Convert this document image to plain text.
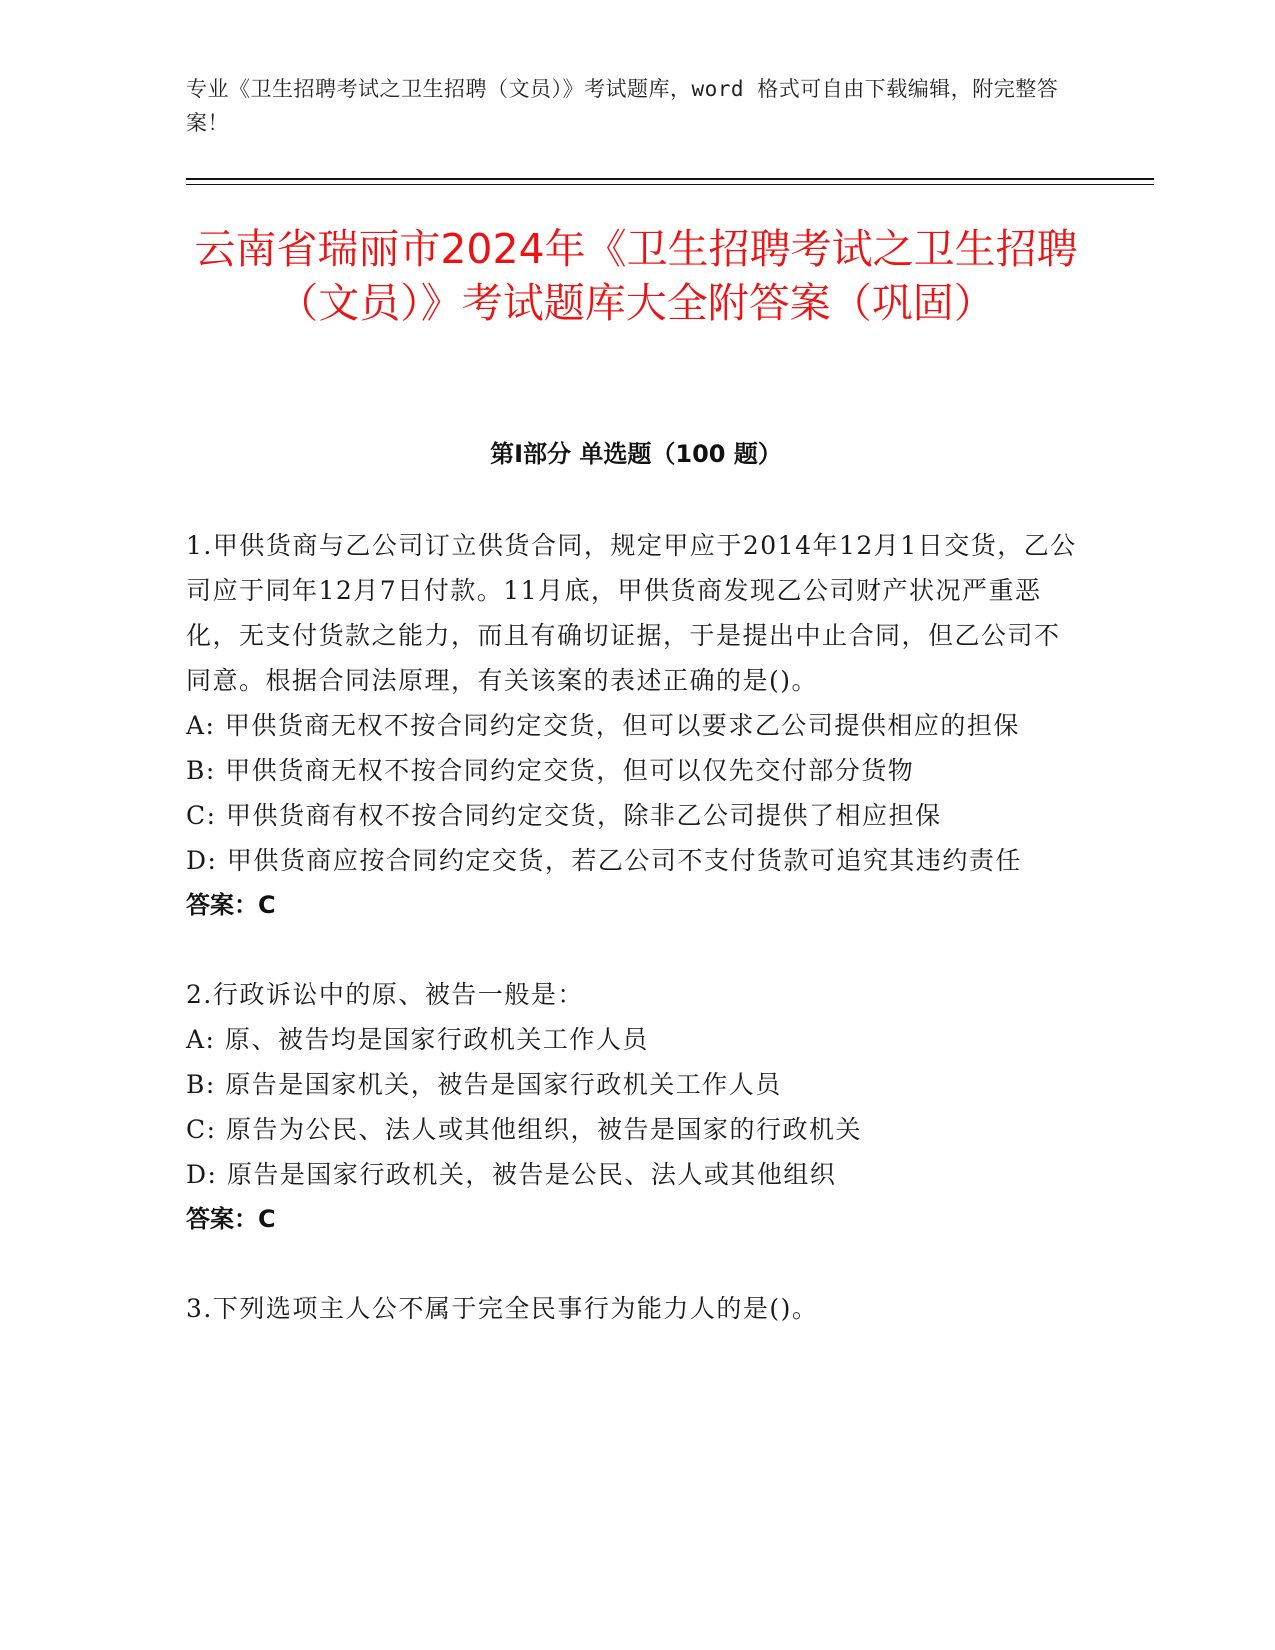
专业《卫生招聘考试之卫生招聘（文员）》考试题库，word 格式可自由下载编辑，附完整答案！
云南省瑞丽市2024年《卫生招聘考试之卫生招聘（文员）》考试题库大全附答案（巩固）
第Ⅰ部分 单选题（100 题）

1.甲供货商与乙公司订立供货合同，规定甲应于2014年12月1日交货，乙公司应于同年12月7日付款。11月底，甲供货商发现乙公司财产状况严重恶化，无支付货款之能力，而且有确切证据，于是提出中止合同，但乙公司不同意。根据合同法原理，有关该案的表述正确的是()。

A: 甲供货商无权不按合同约定交货，但可以要求乙公司提供相应的担保

B: 甲供货商无权不按合同约定交货，但可以仅先交付部分货物

C: 甲供货商有权不按合同约定交货，除非乙公司提供了相应担保

D: 甲供货商应按合同约定交货，若乙公司不支付货款可追究其违约责任

答案：C

2.行政诉讼中的原、被告一般是：

A: 原、被告均是国家行政机关工作人员

B: 原告是国家机关，被告是国家行政机关工作人员

C: 原告为公民、法人或其他组织，被告是国家的行政机关

D: 原告是国家行政机关，被告是公民、法人或其他组织

答案：C

3.下列选项主人公不属于完全民事行为能力人的是()。
